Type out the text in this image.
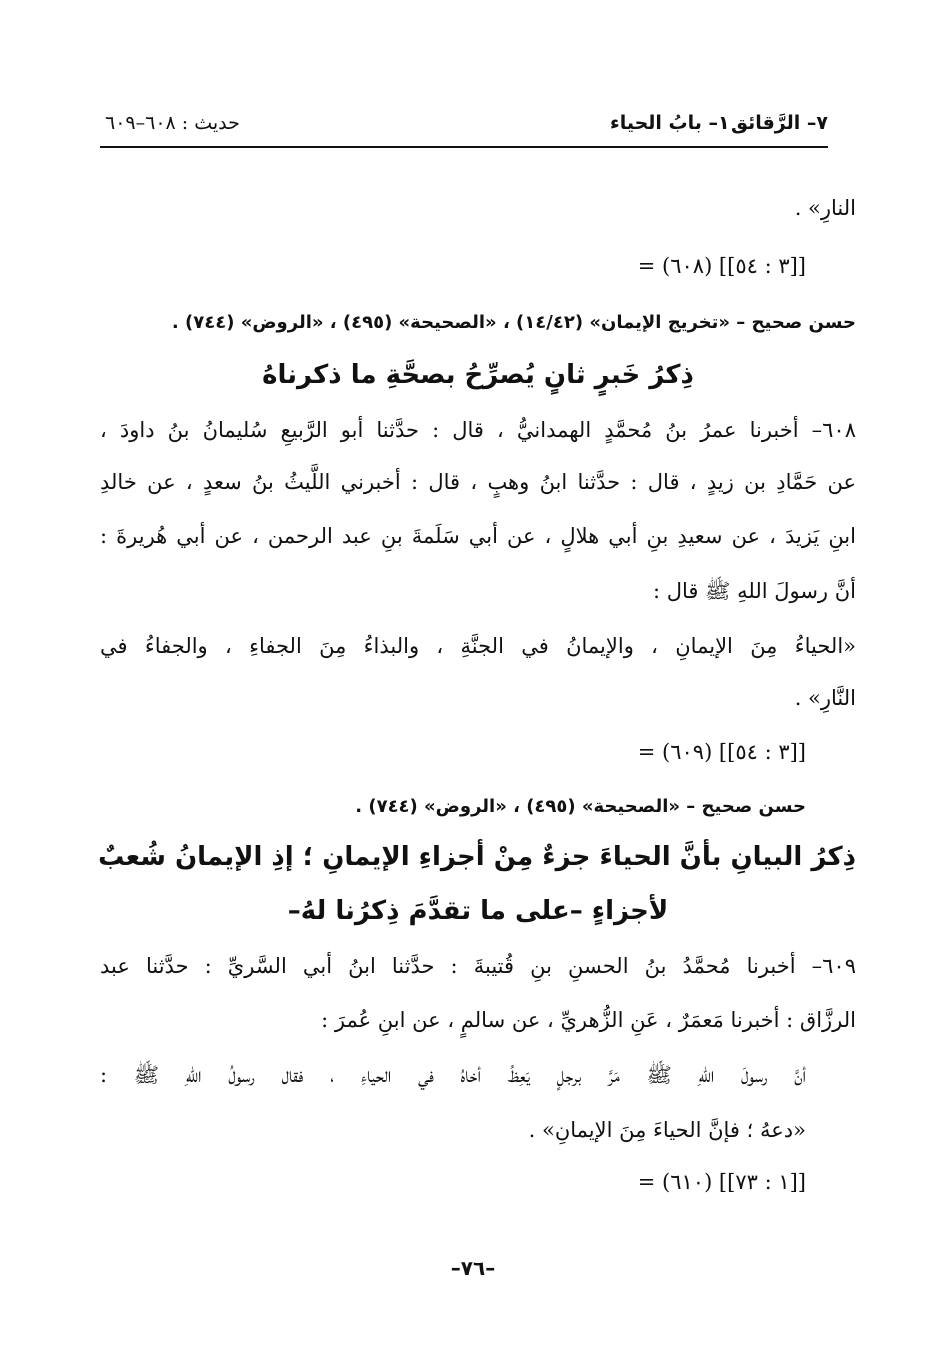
٧– الرَّقائق
١– بابُ الحياء
حديث : ٦٠٨–٦٠٩
النارِ» .
= (٦٠٨) [[٣ : ٥٤]]
حسن صحيح – «تخريج الإيمان» (١٤/٤٢) ، «الصحيحة» (٤٩٥) ، «الروض» (٧٤٤) .
ذِكرُ خَبرٍ ثانٍ يُصرِّحُ بصحَّةِ ما ذكرناهُ
٦٠٨– أخبرنا عمرُ بنُ مُحمَّدٍ الهمدانيُّ ، قال : حدَّثنا أبو الرَّبيعِ سُليمانُ بنُ داودَ ،
عن حَمَّادِ بن زيدٍ ، قال : حدَّثنا ابنُ وهبٍ ، قال : أخبرني اللَّيثُ بنُ سعدٍ ، عن خالدِ
ابنِ يَزيدَ ، عن سعيدِ بنِ أبي هلالٍ ، عن أبي سَلَمةَ بنِ عبد الرحمن ، عن أبي هُريرةَ :
أنَّ رسولَ اللهِ ﷺ قال :
«الحياءُ مِنَ الإيمانِ ، والإيمانُ في الجنَّةِ ، والبذاءُ مِنَ الجفاءِ ، والجفاءُ في
النَّارِ» .
= (٦٠٩) [[٣ : ٥٤]]
حسن صحيح – «الصحيحة» (٤٩٥) ، «الروض» (٧٤٤) .
ذِكرُ البيانِ بأنَّ الحياءَ جزءٌ مِنْ أجزاءِ الإيمانِ ؛ إذِ الإيمانُ شُعبٌ
لأجزاءٍ –على ما تقدَّمَ ذِكرُنا لهُ–
٦٠٩– أخبرنا مُحمَّدُ بنُ الحسنِ بنِ قُتيبةَ : حدَّثنا ابنُ أبي السَّريِّ : حدَّثنا عبد
الرزَّاق : أخبرنا مَعمَرٌ ، عَنِ الزُّهريِّ ، عن سالمٍ ، عن ابنِ عُمرَ :
أنَّ رسولَ اللهِ ﷺ مَرَّ برجلٍ يَعِظُ أخاهُ في الحياءِ ، فقال رسولُ اللهِ ﷺ :
«دعهُ ؛ فإنَّ الحياءَ مِنَ الإيمانِ» .
= (٦١٠) [[١ : ٧٣]]
–٧٦–
